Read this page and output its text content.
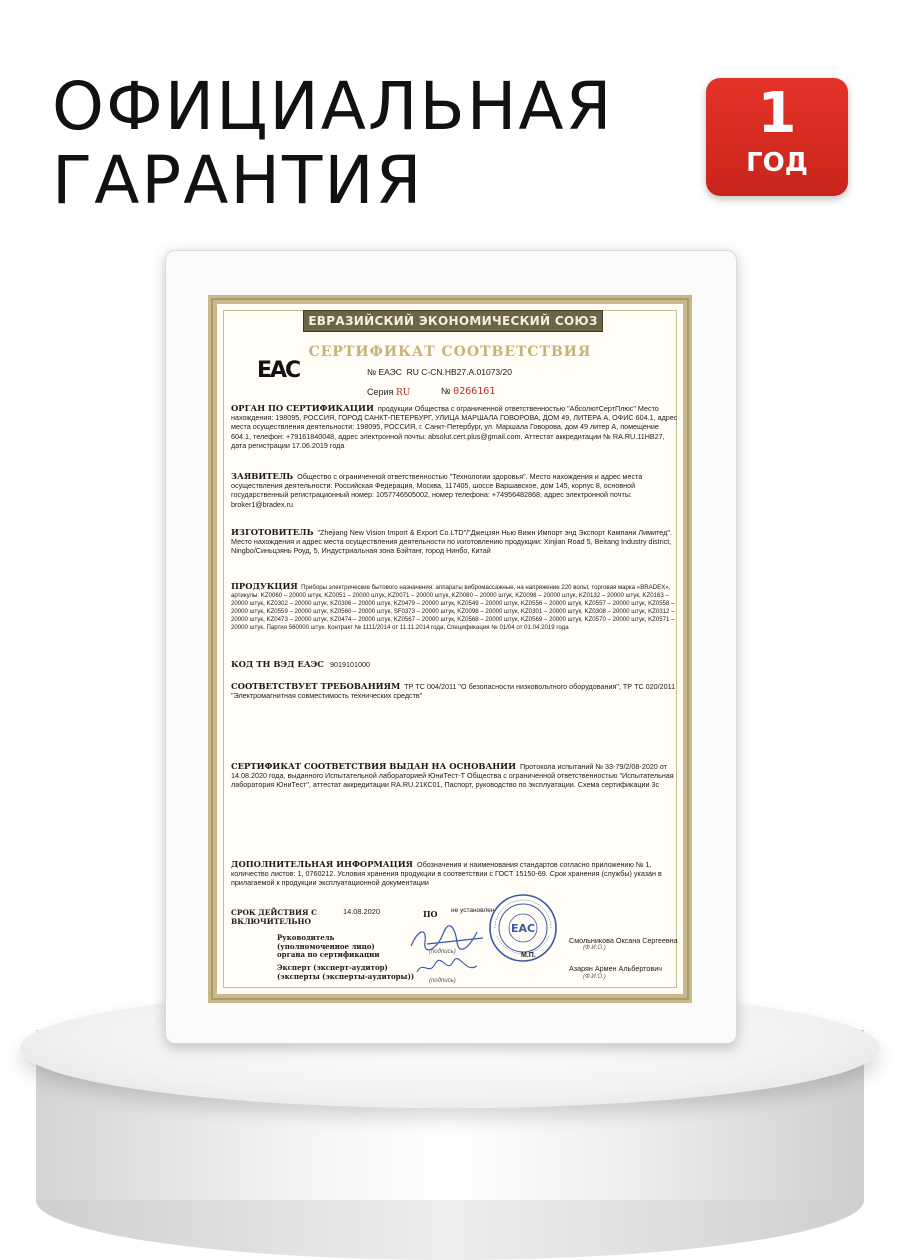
ОФИЦИАЛЬНАЯ
ГАРАНТИЯ
1
ГОД
ЕВРАЗИЙСКИЙ ЭКОНОМИЧЕСКИЙ СОЮЗ
СЕРТИФИКАТ СООТВЕТСТВИЯ
EAC	№ ЕАЭС RU С-CN.НВ27.А.01073/20
Серия RU	№ 0266161
ОРГАН ПО СЕРТИФИКАЦИИ продукции Общества с ограниченной ответственностью "АбсолютСертПлюс" Место нахождения: 198095, РОССИЯ, ГОРОД САНКТ-ПЕТЕРБУРГ, УЛИЦА МАРШАЛА ГОВОРОВА, ДОМ 49, ЛИТЕРА А, ОФИС 604.1, адрес места осуществления деятельности: 198095, РОССИЯ, г. Санкт-Петербург, ул. Маршала Говорова, дом 49 литер А, помещение 604.1, телефон: +79161840048, адрес электронной почты: absolut.cert.plus@gmail.com. Аттестат аккредитации № RA.RU.11НВ27, дата регистрации 17.06.2019 года
ЗАЯВИТЕЛЬ Общество с ограниченной ответственностью "Технологии здоровья". Место нахождения и адрес места осуществления деятельности: Российская Федерация, Москва, 117405, шоссе Варшавское, дом 145, корпус 8, основной государственный регистрационный номер: 1057746505002, номер телефона: +74956482868, адрес электронной почты: broker1@bradex.ru
ИЗГОТОВИТЕЛЬ "Zhejiang New Vision Import & Export Co.LTD"/"Джецзян Нью Вижн Импорт энд Экспорт Кампани Лимитед". Место нахождения и адрес места осуществления деятельности по изготовлению продукции: Xinjian Road 5, Beitang Industry district, Ningbo/Синьцзянь Роуд, 5, Индустриальная зона Бэйтанг, город Нинбо, Китай
ПРОДУКЦИЯ Приборы электрические бытового назначения: аппараты вибромассажные, на напряжение 220 вольт, торговая марка «BRADEX», артикулы: KZ0060 – 20000 штук, KZ0051 – 20000 штук, KZ0071 – 20000 штук, KZ0080 – 20000 штук, KZ0098 – 20000 штук, KZ0132 – 20000 штук, KZ0163 – 20000 штук, KZ0302 – 20000 штук, KZ0306 – 20000 штук, KZ0479 – 20000 штук, KZ0549 – 20000 штук, KZ0556 – 20000 штук, KZ0557 – 20000 штук, KZ0558 – 20000 штук, KZ0559 – 20000 штук, KZ0560 – 20000 штук, SF0373 – 20000 штук, KZ0098 – 20000 штук, KZ0301 – 20000 штук, KZ0308 – 20000 штук, KZ0312 – 20000 штук, KZ0473 – 20000 штук, KZ0474 – 20000 штук, KZ0567 – 20000 штук, KZ0568 – 20000 штук, KZ0569 – 20000 штук, KZ0570 – 20000 штук, KZ0571 – 20000 штук. Партия 560000 штук. Контракт № 1111/2014 от 11.11.2014 года, Спецификация № 01/04 от 01.04.2019 года
КОД ТН ВЭД ЕАЭС 9019101000
СООТВЕТСТВУЕТ ТРЕБОВАНИЯМ ТР ТС 004/2011 "О безопасности низковольтного оборудования", ТР ТС 020/2011 "Электромагнитная совместимость технических средств"
СЕРТИФИКАТ СООТВЕТСТВИЯ ВЫДАН НА ОСНОВАНИИ Протокола испытаний № 33-79/2/08-2020 от 14.08.2020 года, выданного Испытательной лабораторией ЮниТест-Т Общества с ограниченной ответственностью "Испытательная лаборатория ЮниТест", аттестат аккредитации RA.RU.21КС01, Паспорт, руководство по эксплуатации. Схема сертификации 3с
ДОПОЛНИТЕЛЬНАЯ ИНФОРМАЦИЯ Обозначения и наименования стандартов согласно приложению № 1, количество листов: 1, 0760212. Условия хранения продукции в соответствии с ГОСТ 15150-69. Срок хранения (службы) указан в прилагаемой к продукции эксплуатационной документации
СРОК ДЕЙСТВИЯ С
ВКЛЮЧИТЕЛЬНО
14.08.2020	ПО не установлен
EAC
Руководитель (уполномоченное лицо) органа по сертификации	М.П.
Смольникова Оксана Сергеевна
(подпись)
(Ф.И.О.)
Эксперт (эксперт-аудитор) (эксперты (эксперты-аудиторы))
Азарян Армен Альбертович
(подпись)
(Ф.И.О.)
